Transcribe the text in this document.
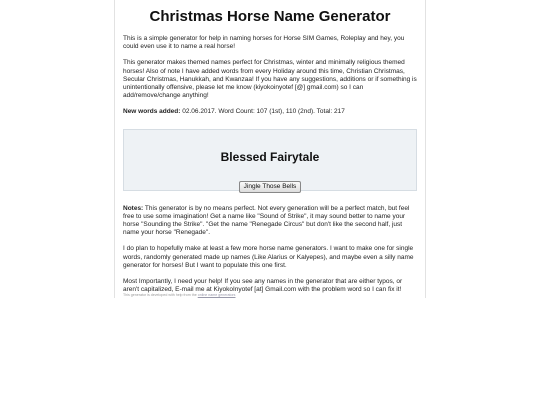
Christmas Horse Name Generator

This is a simple generator for help in naming horses for Horse SIM Games, Roleplay and hey, you could even use it to name a real horse!

This generator makes themed names perfect for Christmas, winter and minimally religious themed horses! Also of note I have added words from every Holiday around this time, Christian Christmas, Secular Christmas, Hanukkah, and Kwanzaa! If you have any suggestions, additions or if something is unintentionally offensive, please let me know (kiyokoinyotef [@] gmail.com) so I can add/remove/change anything!

New words added: 02.06.2017. Word Count: 107 (1st), 110 (2nd). Total: 217

Blessed Fairytale
Jingle Those Bells

Notes: This generator is by no means perfect. Not every generation will be a perfect match, but feel free to use some imagination! Get a name like "Sound of Strike", it may sound better to name your horse "Sounding the Strike". "Get the name "Renegade Circus" but don't like the second half, just name your horse "Renegade".

I do plan to hopefully make at least a few more horse name generators. I want to make one for single words, randomly generated made up names (Like Alarius or Kalyepes), and maybe even a silly name generator for horses! But I want to populate this one first.

Most Importantly, I need your help! If you see any names in the generator that are either typos, or aren't capitalized, E-mail me at KiyokoInyotef [at] Gmail.com with the problem word so I can fix it!

This generator is developed with help from the online name generators
